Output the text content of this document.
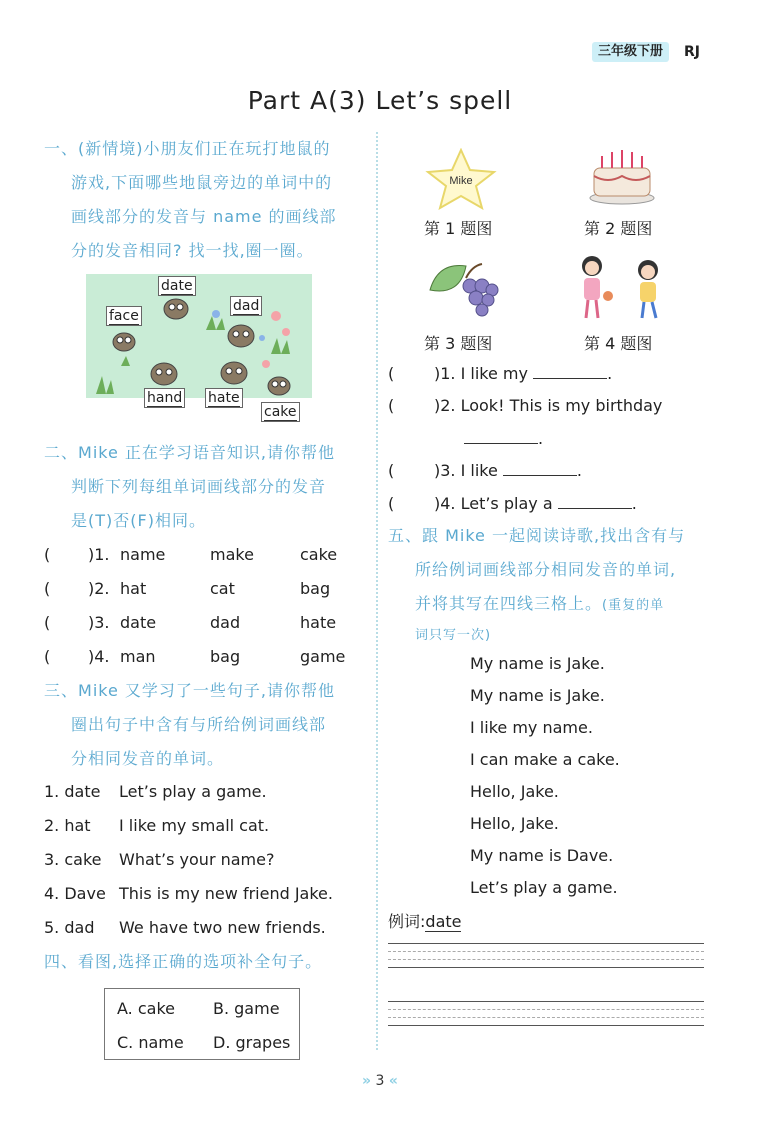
三年级下册	RJ
Part A(3) Let’s spell
一、(新情境)小朋友们正在玩打地鼠的
游戏,下面哪些地鼠旁边的单词中的
画线部分的发音与 name 的画线部
分的发音相同? 找一找,圈一圈。
date
dad
face
hand hate
cake
二、Mike 正在学习语音知识,请你帮他
判断下列每组单词画线部分的发音
是(T)否(F)相同。
( )1. name	make	cake
( )2. hat	cat	bag
( )3. date	dad	hate
( )4. man	bag	game
三、Mike 又学习了一些句子,请你帮他
圈出句子中含有与所给例词画线部
分相同发音的单词。
1. date Let’s play a game.
2. hat I like my small cat.
3. cake What’s your name?
4. Dave This is my new friend Jake.
5. dad We have two new friends.
四、看图,选择正确的选项补全句子。
A. cake B. game
C. name D. grapes
Mike
第 1 题图	第 2 题图
第 3 题图	第 4 题图
( )1. I like my	.
( )2. Look! This is my birthday
.
( )3. I like	.
( )4. Let’s play a	.
五、跟 Mike 一起阅读诗歌,找出含有与
所给例词画线部分相同发音的单词,
并将其写在四线三格上。(重复的单
词只写一次)
My name is Jake.
My name is Jake.
I like my name.
I can make a cake.
Hello, Jake.
Hello, Jake.
My name is Dave.
Let’s play a game.
例词:date
» 3 «
